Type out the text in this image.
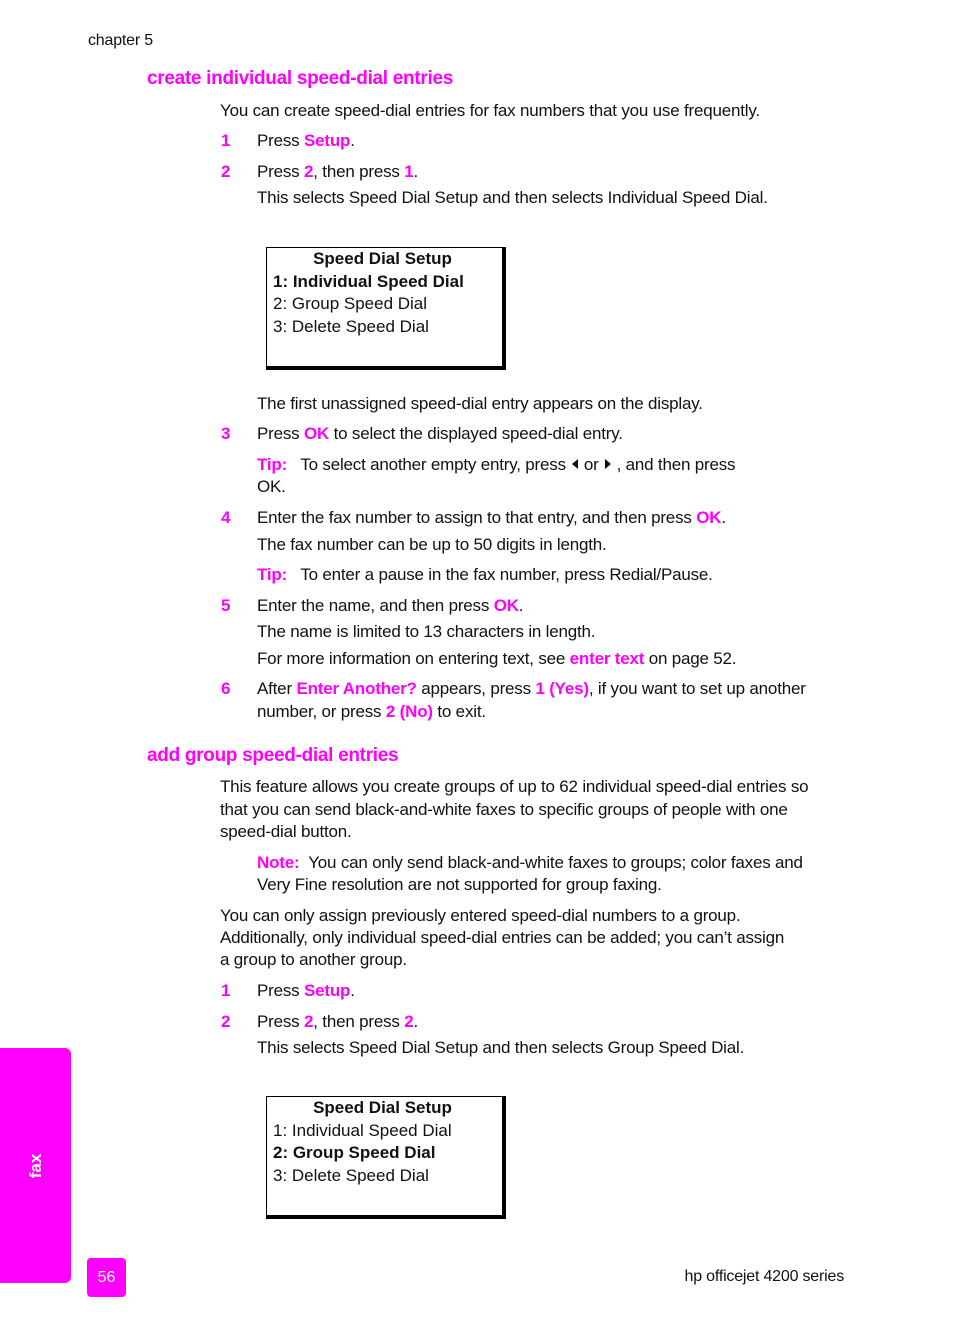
chapter 5
create individual speed-dial entries
You can create speed-dial entries for fax numbers that you use frequently.
1 Press Setup.
2 Press 2, then press 1.
This selects Speed Dial Setup and then selects Individual Speed Dial.
Speed Dial Setup
1: Individual Speed Dial
2: Group Speed Dial
3: Delete Speed Dial
The first unassigned speed-dial entry appears on the display.
3 Press OK to select the displayed speed-dial entry.
Tip: To select another empty entry, press or , and then press
OK.
4 Enter the fax number to assign to that entry, and then press OK.
The fax number can be up to 50 digits in length.
Tip: To enter a pause in the fax number, press Redial/Pause.
5 Enter the name, and then press OK.
The name is limited to 13 characters in length.
For more information on entering text, see enter text on page 52.
6 After Enter Another? appears, press 1 (Yes), if you want to set up another
number, or press 2 (No) to exit.
add group speed-dial entries
This feature allows you create groups of up to 62 individual speed-dial entries so
that you can send black-and-white faxes to specific groups of people with one
speed-dial button.
Note: You can only send black-and-white faxes to groups; color faxes and
Very Fine resolution are not supported for group faxing.
You can only assign previously entered speed-dial numbers to a group.
Additionally, only individual speed-dial entries can be added; you can’t assign
a group to another group.
1 Press Setup.
2 Press 2, then press 2.
This selects Speed Dial Setup and then selects Group Speed Dial.
Speed Dial Setup
1: Individual Speed Dial
2: Group Speed Dial
3: Delete Speed Dial
fax
56	hp officejet 4200 series
